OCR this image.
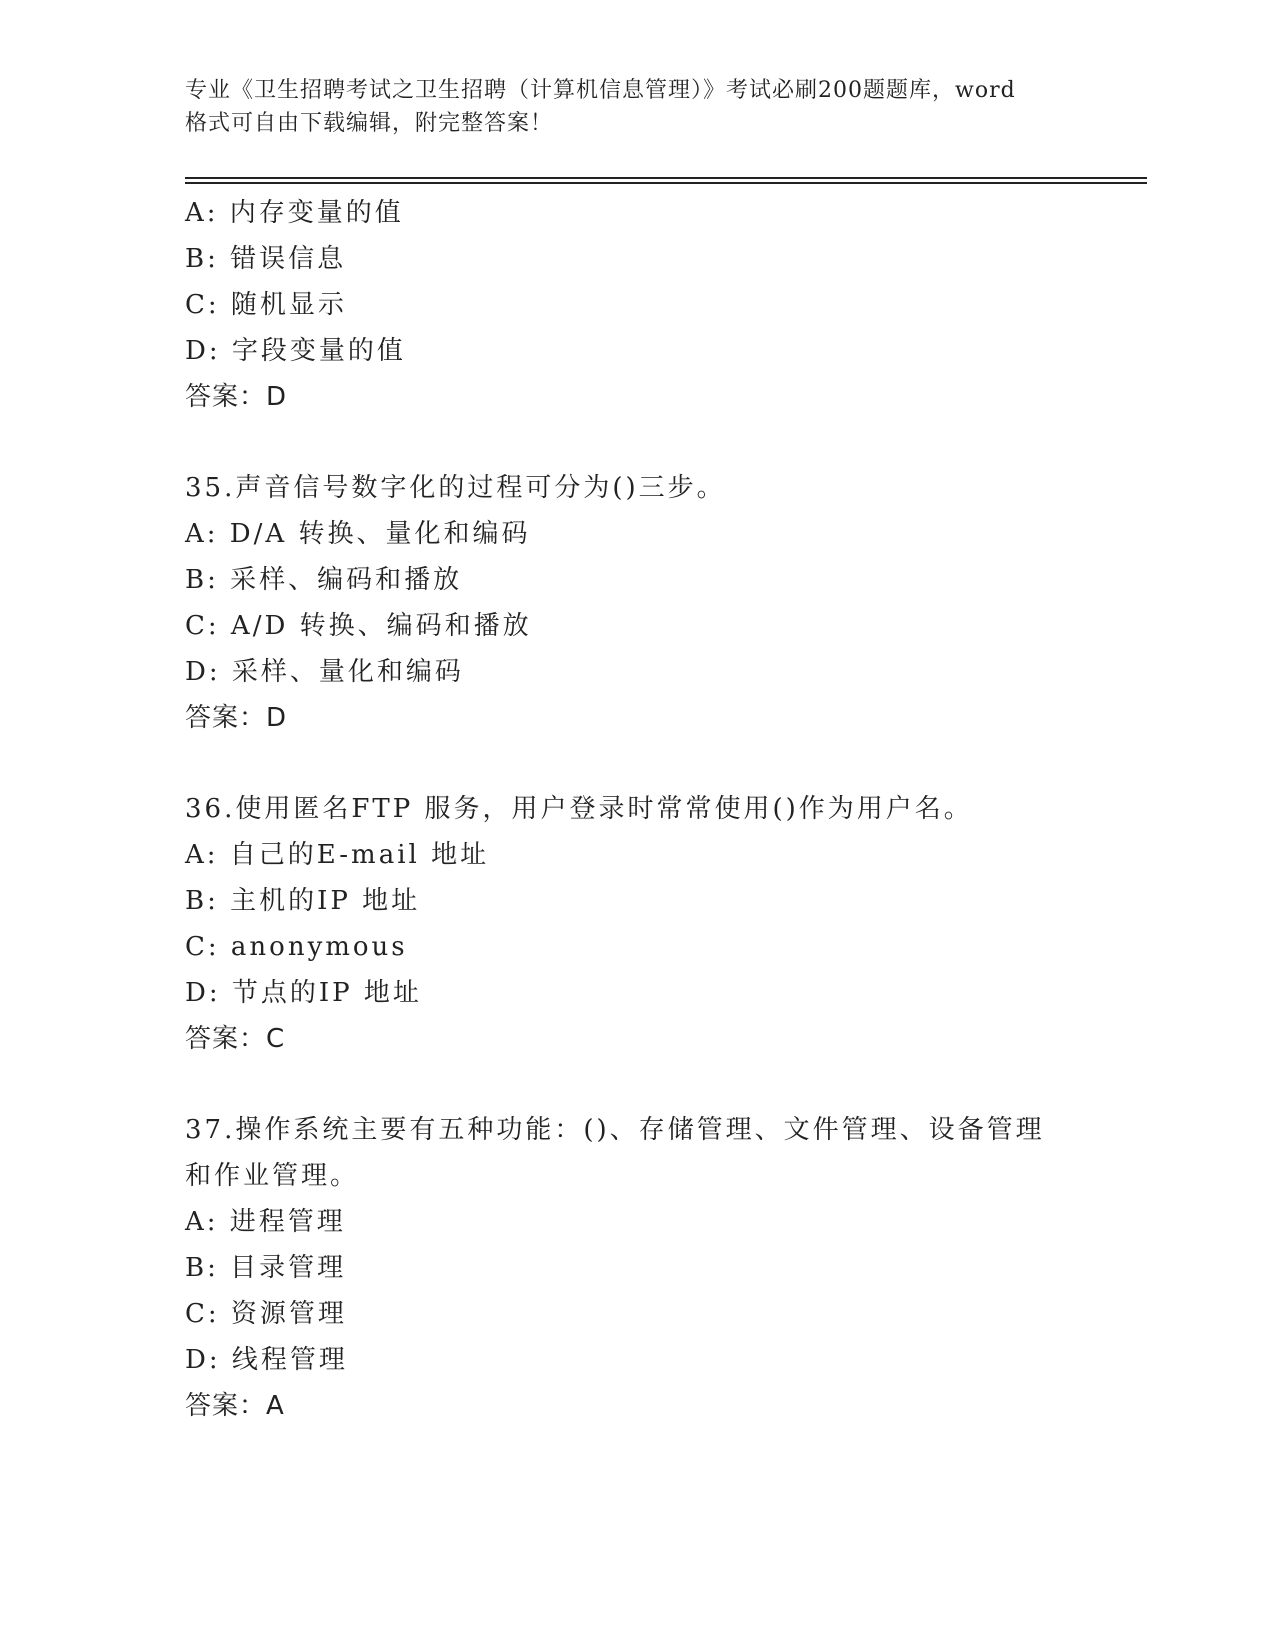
专业《卫生招聘考试之卫生招聘（计算机信息管理）》考试必刷200题题库，word
格式可自由下载编辑，附完整答案！
A: 内存变量的值
B: 错误信息
C: 随机显示
D: 字段变量的值
答案：D
35.声音信号数字化的过程可分为()三步。
A: D/A 转换、量化和编码
B: 采样、编码和播放
C: A/D 转换、编码和播放
D: 采样、量化和编码
答案：D
36.使用匿名FTP 服务，用户登录时常常使用()作为用户名。
A: 自己的E-mail 地址
B: 主机的IP 地址
C: anonymous
D: 节点的IP 地址
答案：C
37.操作系统主要有五种功能：()、存储管理、文件管理、设备管理和作业管理。
A: 进程管理
B: 目录管理
C: 资源管理
D: 线程管理
答案：A
